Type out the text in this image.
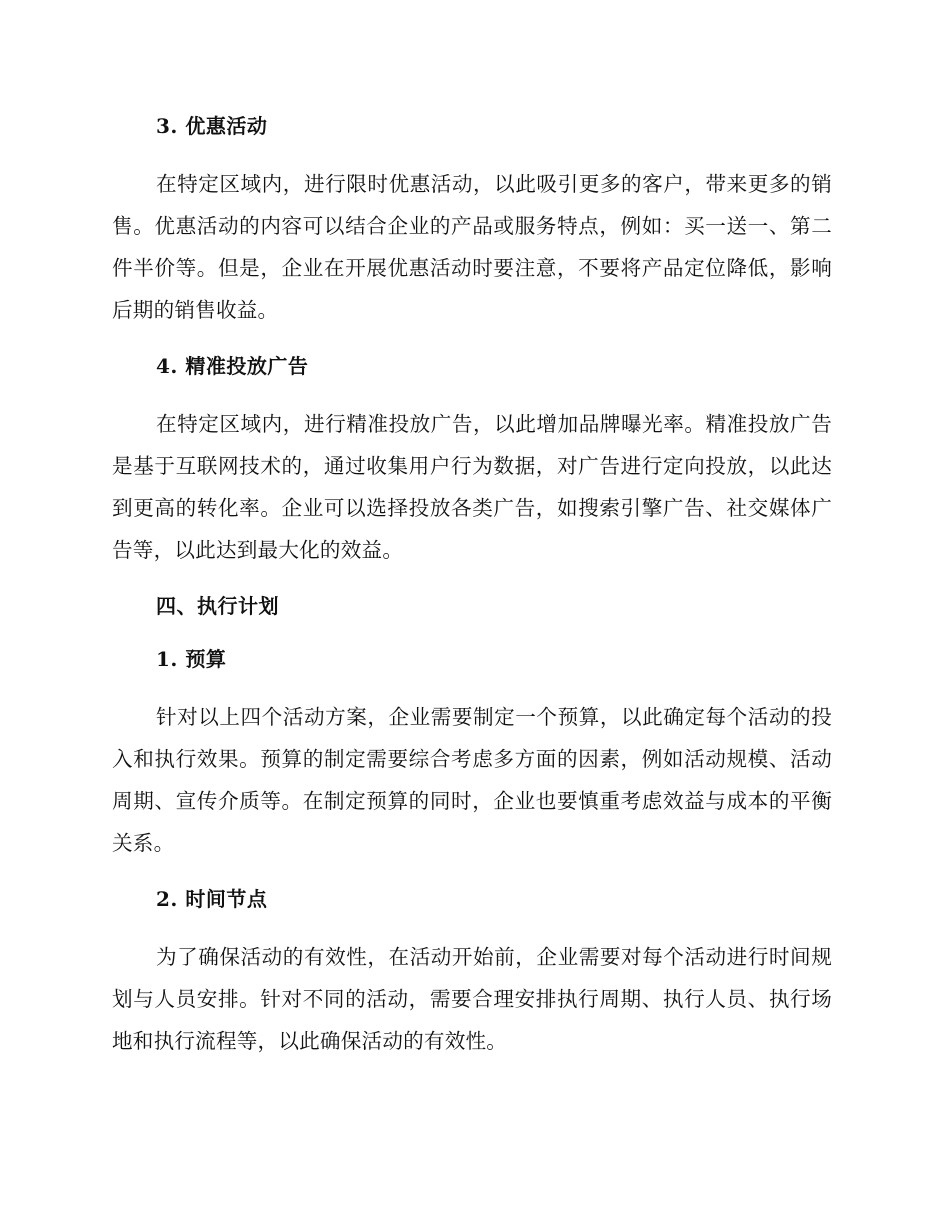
3. 优惠活动

在特定区域内，进行限时优惠活动，以此吸引更多的客户，带来更多的销售。优惠活动的内容可以结合企业的产品或服务特点，例如：买一送一、第二件半价等。但是，企业在开展优惠活动时要注意，不要将产品定位降低，影响后期的销售收益。

4. 精准投放广告

在特定区域内，进行精准投放广告，以此增加品牌曝光率。精准投放广告是基于互联网技术的，通过收集用户行为数据，对广告进行定向投放，以此达到更高的转化率。企业可以选择投放各类广告，如搜索引擎广告、社交媒体广告等，以此达到最大化的效益。

四、执行计划
1. 预算

针对以上四个活动方案，企业需要制定一个预算，以此确定每个活动的投入和执行效果。预算的制定需要综合考虑多方面的因素，例如活动规模、活动周期、宣传介质等。在制定预算的同时，企业也要慎重考虑效益与成本的平衡关系。

2. 时间节点

为了确保活动的有效性，在活动开始前，企业需要对每个活动进行时间规划与人员安排。针对不同的活动，需要合理安排执行周期、执行人员、执行场地和执行流程等，以此确保活动的有效性。
